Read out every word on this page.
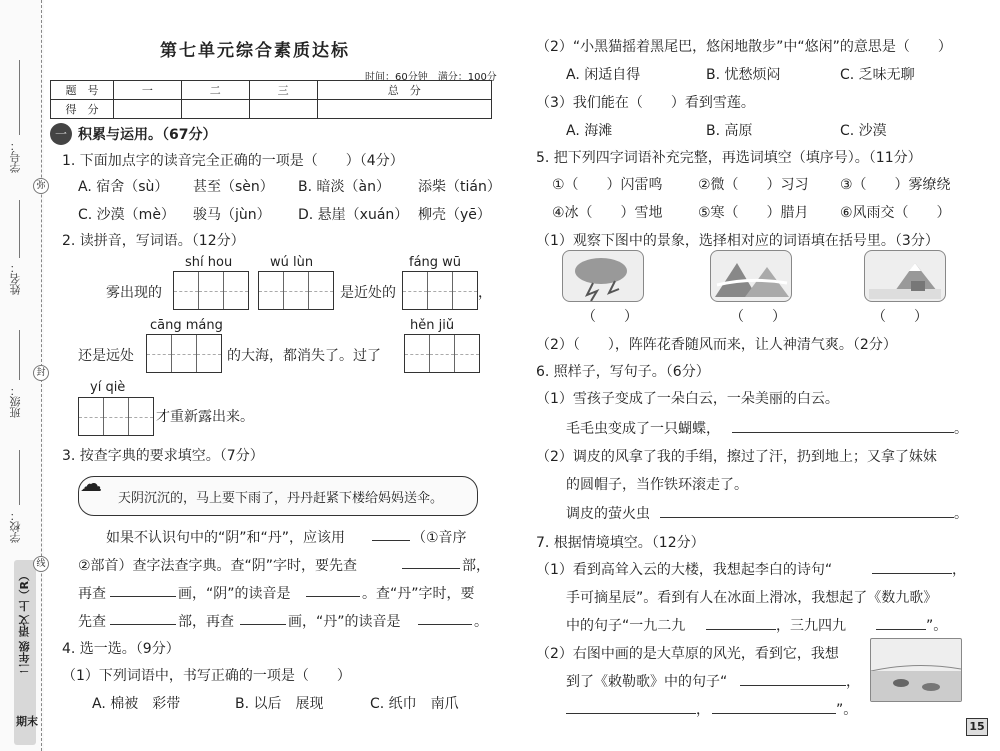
学号：
姓名：
班级：
学校：
二年级 语文 上（R）
弥
封
线
期末
第七单元综合素质达标
时间：60分钟　满分：100分
题　号	一	二	三	总　分
得　分				
一 积累与运用。（67分）
1. 下面加点字的读音完全正确的一项是（　　）（4分）
A. 宿舍（sù） 甚至（sèn） B. 暗淡（àn） 添柴（tián）
C. 沙漠（mè） 骏马（jùn） D. 悬崖（xuán） 柳壳（yē）
2. 读拼音，写词语。（12分）
shí hou	wú lùn	fáng wū
雾出现的	是近处的	，
cāng máng	hěn jiǔ
还是远处	的大海，都消失了。过了
yí qiè
才重新露出来。
3. 按查字典的要求填空。（7分）
☁
天阴沉沉的，马上要下雨了，丹丹赶紧下楼给妈妈送伞。
如果不认识句中的“阴”和“丹”，应该用	（①音序
②部首）查字法查字典。查“阴”字时，要先查	部，
再查	画，“阴”的读音是	。查“丹”字时，要
先查	部，再查	画，“丹”的读音是	。
4. 选一选。（9分）
（1）下列词语中，书写正确的一项是（　　）
A. 棉被　彩带	B. 以后　展现	C. 纸巾　南爪
（2）“小黑猫摇着黑尾巴，悠闲地散步”中“悠闲”的意思是（　　）
A. 闲适自得	B. 忧愁烦闷	C. 乏味无聊
（3）我们能在（　　）看到雪莲。
A. 海滩	B. 高原	C. 沙漠
5. 把下列四字词语补充完整，再选词填空（填序号）。（11分）
①（　　）闪雷鸣	②微（　　）习习 ③（　　）雾缭绕
④冰（　　）雪地	⑤寒（　　）腊月 ⑥风雨交（　　）
（1）观察下图中的景象，选择相对应的词语填在括号里。（3分）
（　　）	（　　）	（　　）
（2）（　　），阵阵花香随风而来，让人神清气爽。（2分）
6. 照样子，写句子。（6分）
（1）雪孩子变成了一朵白云，一朵美丽的白云。
毛毛虫变成了一只蝴蝶，	。
（2）调皮的风拿了我的手绢，擦过了汗，扔到地上；又拿了妹妹
的圆帽子，当作铁环滚走了。
调皮的萤火虫	。
7. 根据情境填空。（12分）
（1）看到高耸入云的大楼，我想起李白的诗句“	，
手可摘星辰”。看到有人在冰面上滑冰，我想起了《数九歌》
中的句子“一九二九	，三九四九	”。
（2）右图中画的是大草原的风光，看到它，我想
到了《敕勒歌》中的句子“	，
，	”。
15
